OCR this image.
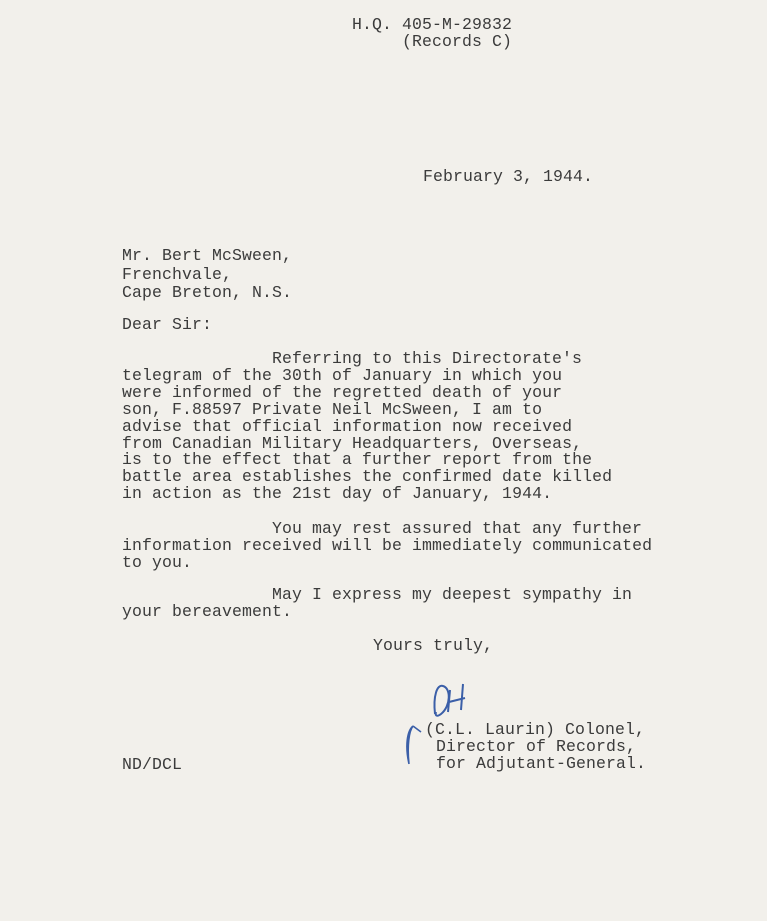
H.Q. 405-M-29832
(Records C)
February 3, 1944.
Mr. Bert McSween,
Frenchvale,
Cape Breton, N.S.
Dear Sir:
Referring to this Directorate's
telegram of the 30th of January in which you
were informed of the regretted death of your
son, F.88597 Private Neil McSween, I am to
advise that official information now received
from Canadian Military Headquarters, Overseas,
is to the effect that a further report from the
battle area establishes the confirmed date killed
in action as the 21st day of January, 1944.
You may rest assured that any further
information received will be immediately communicated
to you.
May I express my deepest sympathy in
your bereavement.
Yours truly,
(C.L. Laurin) Colonel,
Director of Records,
for Adjutant-General.
ND/DCL
